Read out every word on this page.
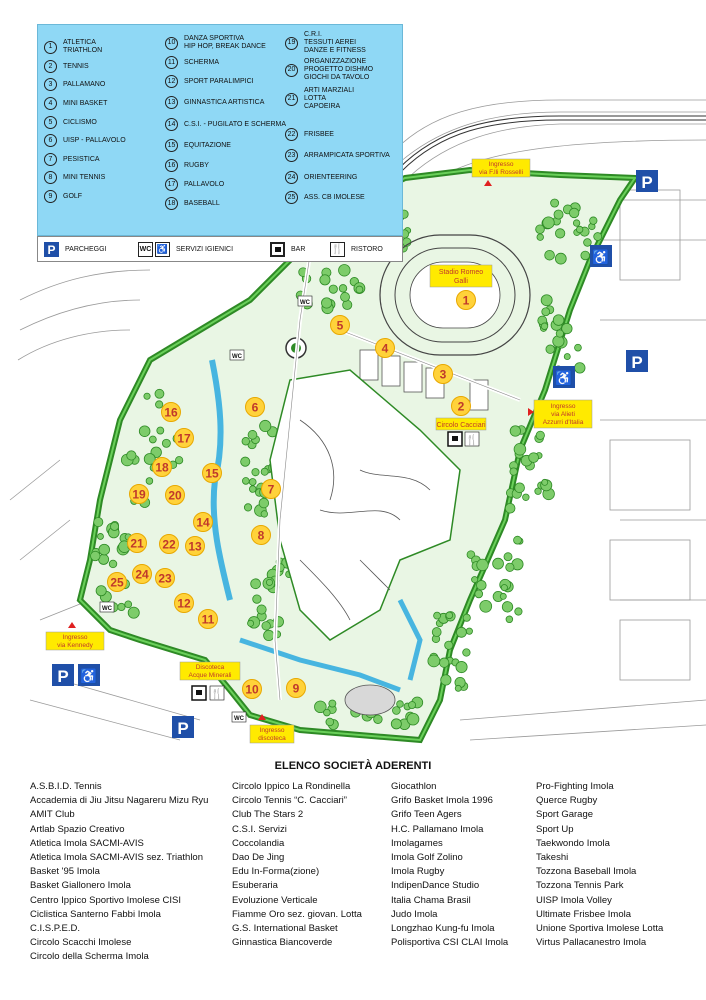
Stadio Romeo
Galli
Circolo Cacciari
Ingresso
via F.lli Rosselli
Ingresso
via Alieti
Azzurri d'Italia
Ingresso
via Kennedy
Discoteca
Acque Minerali
Ingresso
discoteca
P
♿
P
♿
P ♿
P
WC
WC
WC
WC
🍴
🍴
1
2
3
4
5
6
7
8
9
10
11
12
13
14
15
16
17
18
19 20
21 22
23
24
25
1
ATLETICA
TRIATHLON
2	TENNIS
3	PALLAMANO
4	MINI BASKET
5	CICLISMO
6	UISP - PALLAVOLO
7	PESISTICA
8	MINI TENNIS
9	GOLF
10
DANZA SPORTIVA
HIP HOP, BREAK DANCE
11	SCHERMA
12	SPORT PARALIMPICI
13	GINNASTICA ARTISTICA
14	C.S.I. - PUGILATO E SCHERMA
15	EQUITAZIONE
16	RUGBY
17	PALLAVOLO
18	BASEBALL
19
C.R.I.
TESSUTI AEREI
DANZE E FITNESS
20
ORGANIZZAZIONE
PROGETTO DISHMO
GIOCHI DA TAVOLO
21
ARTI MARZIALI
LOTTA
CAPOEIRA
22	FRISBEE
23	ARRAMPICATA SPORTIVA
24	ORIENTEERING
25	ASS. CB IMOLESE
P	PARCHEGGI	WC ♿ SERVIZI IGIENICI	BAR	🍴 RISTORO
ELENCO SOCIETÀ ADERENTI
A.S.B.I.D. Tennis
Accademia di Jiu Jitsu Nagareru Mizu Ryu
AMIT Club
Artlab Spazio Creativo
Atletica Imola SACMI-AVIS
Atletica Imola SACMI-AVIS sez. Triathlon
Basket '95 Imola
Basket Giallonero Imola
Centro Ippico Sportivo Imolese CISI
Ciclistica Santerno Fabbi Imola
C.I.S.P.E.D.
Circolo Scacchi Imolese
Circolo della Scherma Imola
Circolo Ippico La Rondinella
Circolo Tennis “C. Cacciari”
Club The Stars 2
C.S.I. Servizi
Coccolandia
Dao De Jing
Edu In-Forma(zione)
Esuberaria
Evoluzione Verticale
Fiamme Oro sez. giovan. Lotta
G.S. International Basket
Ginnastica Biancoverde
Giocathlon
Grifo Basket Imola 1996
Grifo Teen Agers
H.C. Pallamano Imola
Imolagames
Imola Golf Zolino
Imola Rugby
IndipenDance Studio
Italia Chama Brasil
Judo Imola
Longzhao Kung-fu Imola
Polisportiva CSI CLAI Imola
Pro-Fighting Imola
Querce Rugby
Sport Garage
Sport Up
Taekwondo Imola
Takeshi
Tozzona Baseball Imola
Tozzona Tennis Park
UISP Imola Volley
Ultimate Frisbee Imola
Unione Sportiva Imolese Lotta
Virtus Pallacanestro Imola
